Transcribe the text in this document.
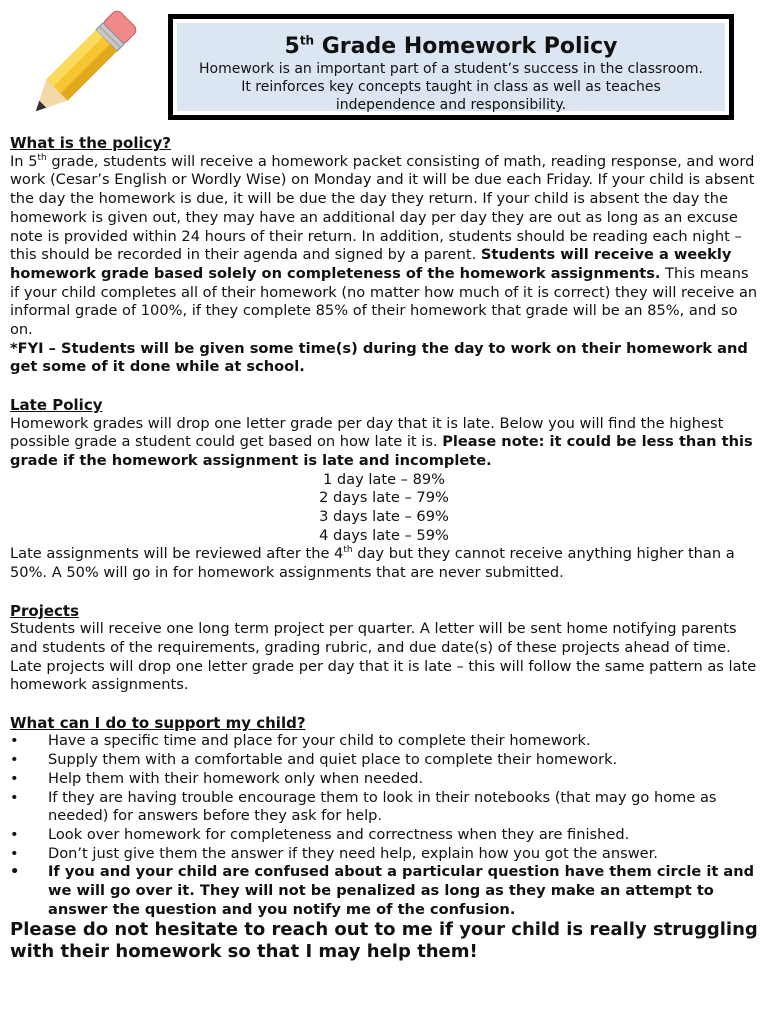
5th Grade Homework Policy

Homework is an important part of a student’s success in the classroom.

It reinforces key concepts taught in class as well as teaches

independence and responsibility.

What is the policy?

In 5th grade, students will receive a homework packet consisting of math, reading response, and word work (Cesar’s English or Wordly Wise) on Monday and it will be due each Friday. If your child is absent the day the homework is due, it will be due the day they return. If your child is absent the day the homework is given out, they may have an additional day per day they are out as long as an excuse note is provided within 24 hours of their return. In addition, students should be reading each night – this should be recorded in their agenda and signed by a parent. Students will receive a weekly homework grade based solely on completeness of the homework assignments. This means if your child completes all of their homework (no matter how much of it is correct) they will receive an informal grade of 100%, if they complete 85% of their homework that grade will be an 85%, and so on.

*FYI – Students will be given some time(s) during the day to work on their homework and get some of it done while at school.

Late Policy

Homework grades will drop one letter grade per day that it is late. Below you will find the highest possible grade a student could get based on how late it is. Please note: it could be less than this grade if the homework assignment is late and incomplete.

1 day late – 89%

2 days late – 79%

3 days late – 69%

4 days late – 59%

Late assignments will be reviewed after the 4th day but they cannot receive anything higher than a 50%. A 50% will go in for homework assignments that are never submitted.

Projects

Students will receive one long term project per quarter. A letter will be sent home notifying parents and students of the requirements, grading rubric, and due date(s) of these projects ahead of time. Late projects will drop one letter grade per day that it is late – this will follow the same pattern as late homework assignments.

What can I do to support my child?

• Have a specific time and place for your child to complete their homework.
• Supply them with a comfortable and quiet place to complete their homework.
• Help them with their homework only when needed.
• If they are having trouble encourage them to look in their notebooks (that may go home as needed) for answers before they ask for help.
• Look over homework for completeness and correctness when they are finished.
• Don’t just give them the answer if they need help, explain how you got the answer.
• If you and your child are confused about a particular question have them circle it and we will go over it. They will not be penalized as long as they make an attempt to answer the question and you notify me of the confusion.

Please do not hesitate to reach out to me if your child is really struggling with their homework so that I may help them!
